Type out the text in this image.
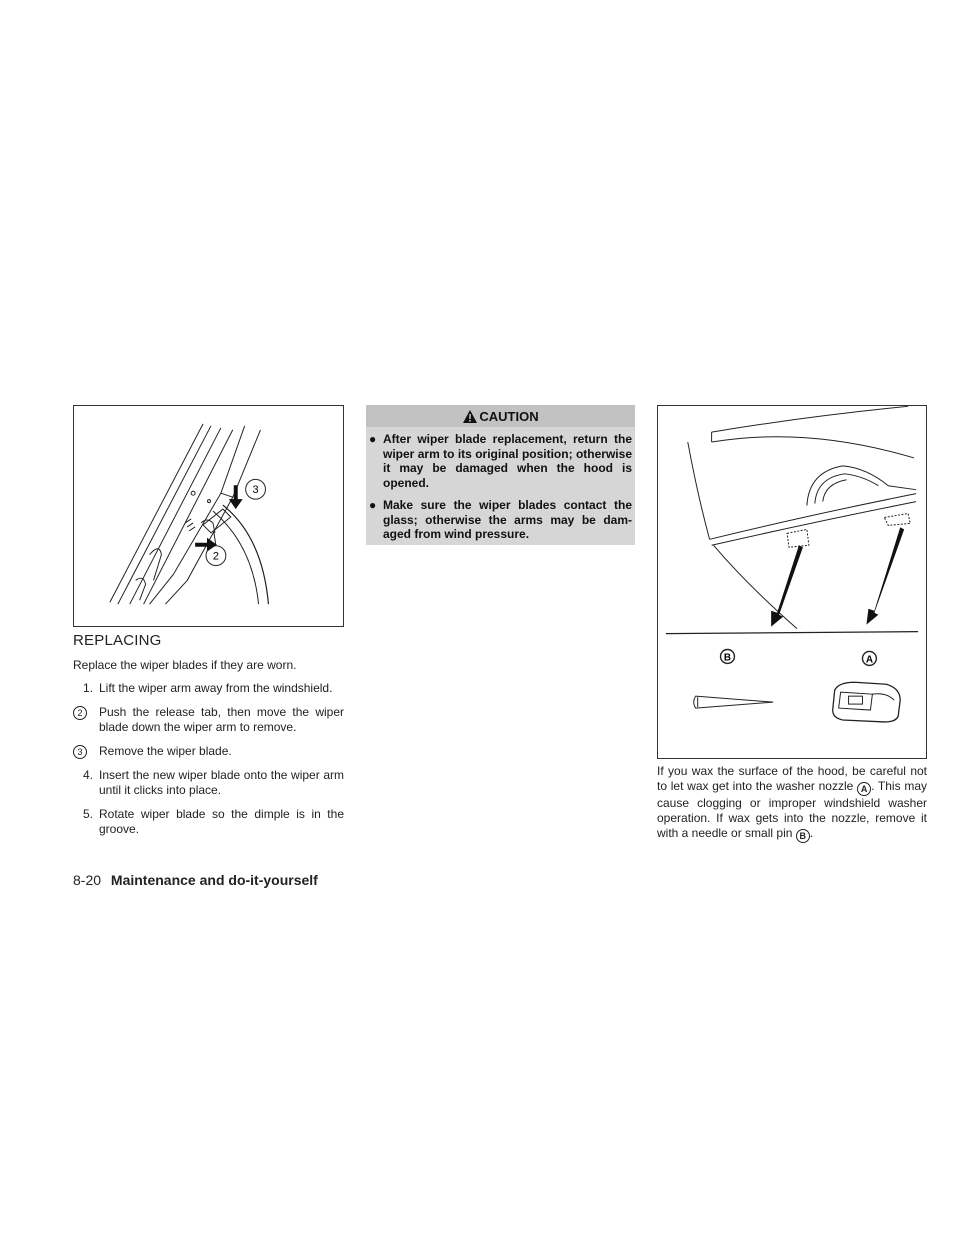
3
2
REPLACING
Replace the wiper blades if they are worn.
1. Lift the wiper arm away from the windshield.
2	Push the release tab, then move the wiper blade down the wiper arm to remove.
3	Remove the wiper blade.
4. Insert the new wiper blade onto the wiper arm until it clicks into place.
5. Rotate wiper blade so the dimple is in the groove.
CAUTION
● After wiper blade replacement, return the wiper arm to its original position; otherwise it may be damaged when the hood is opened.
● Make sure the wiper blades contact the glass; otherwise the arms may be dam-aged from wind pressure.
B	A
If you wax the surface of the hood, be careful not to let wax get into the washer nozzle A . This may cause clogging or improper windshield washer operation. If wax gets into the nozzle, remove it with a needle or small pin B .
8-20 Maintenance and do-it-yourself
